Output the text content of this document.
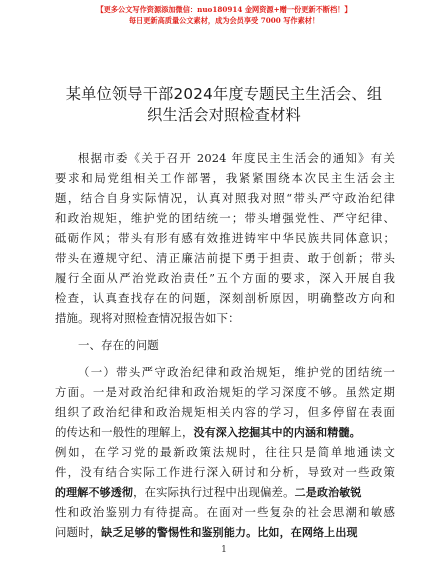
【更多公文写作资源添加微信：nuo180914 金网资源+赠一份更新不断档！】
每日更新高质量公文素材，成为会员享受 7000 写作素材！
某单位领导干部2024年度专题民主生活会、组
织生活会对照检查材料
根据市委《关于召开 2024 年度民主生活会的通知》有关
要求和局党组相关工作部署，我紧紧围绕本次民主生活会主
题，结合自身实际情况，认真对照我对照“带头严守政治纪律
和政治规矩，维护党的团结统一；带头增强党性、严守纪律、
砥砺作风；带头有形有感有效推进铸牢中华民族共同体意识；
带头在遵规守纪、清正廉洁前提下勇于担责、敢于创新；带头
履行全面从严治党政治责任”五个方面的要求，深入开展自我
检查，认真查找存在的问题，深刻剖析原因，明确整改方向和
措施。现将对照检查情况报告如下：
一、存在的问题
（一）带头严守政治纪律和政治规矩，维护党的团结统一
方面。一是对政治纪律和政治规矩的学习深度不够。虽然定期
组织了政治纪律和政治规矩相关内容的学习，但多停留在表面
的传达和一般性的理解上，没有深入挖掘其中的内涵和精髓。
例如，在学习党的最新政策法规时，往往只是简单地通读文
件，没有结合实际工作进行深入研讨和分析，导致对一些政策
的理解不够透彻，在实际执行过程中出现偏差。二是政治敏锐
性和政治鉴别力有待提高。在面对一些复杂的社会思潮和敏感
问题时，缺乏足够的警惕性和鉴别能力。比如，在网络上出现
1
